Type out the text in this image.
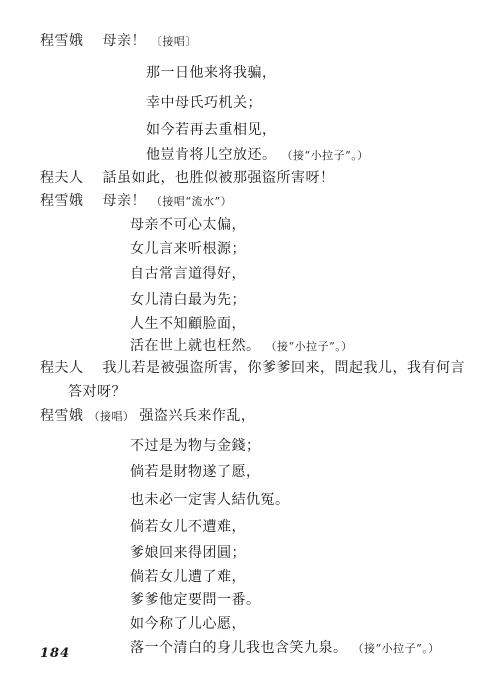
程雪娥 母亲！ 〔接唱〕
那一日他来将我骗，
幸中母氏巧机关；
如今若再去重相见，
他豈肯将儿空放还。 （接“小拉子”。）
程夫人 話虽如此，也胜似被那强盜所害呀！
程雪娥 母亲！ （接唱“流水”）
母亲不可心太偏，
女儿言来听根源；
自古常言道得好，
女儿清白最为先；
人生不知顧脸面，
活在世上就也枉然。 （接“小拉子”。）
程夫人 我儿若是被强盗所害，你爹爹回来，問起我儿，我有何言
答对呀？
程雪娥 （接唱） 强盗兴兵来作乱，
不过是为物与金錢；
倘若是財物遂了愿，
也未必一定害人結仇冤。
倘若女儿不遭难，
爹娘回来得团圓；
倘若女儿遭了难，
爹爹他定要問一番。
如今称了儿心愿，
落一个清白的身儿我也含笑九泉。 （接“小拉子”。）
184
